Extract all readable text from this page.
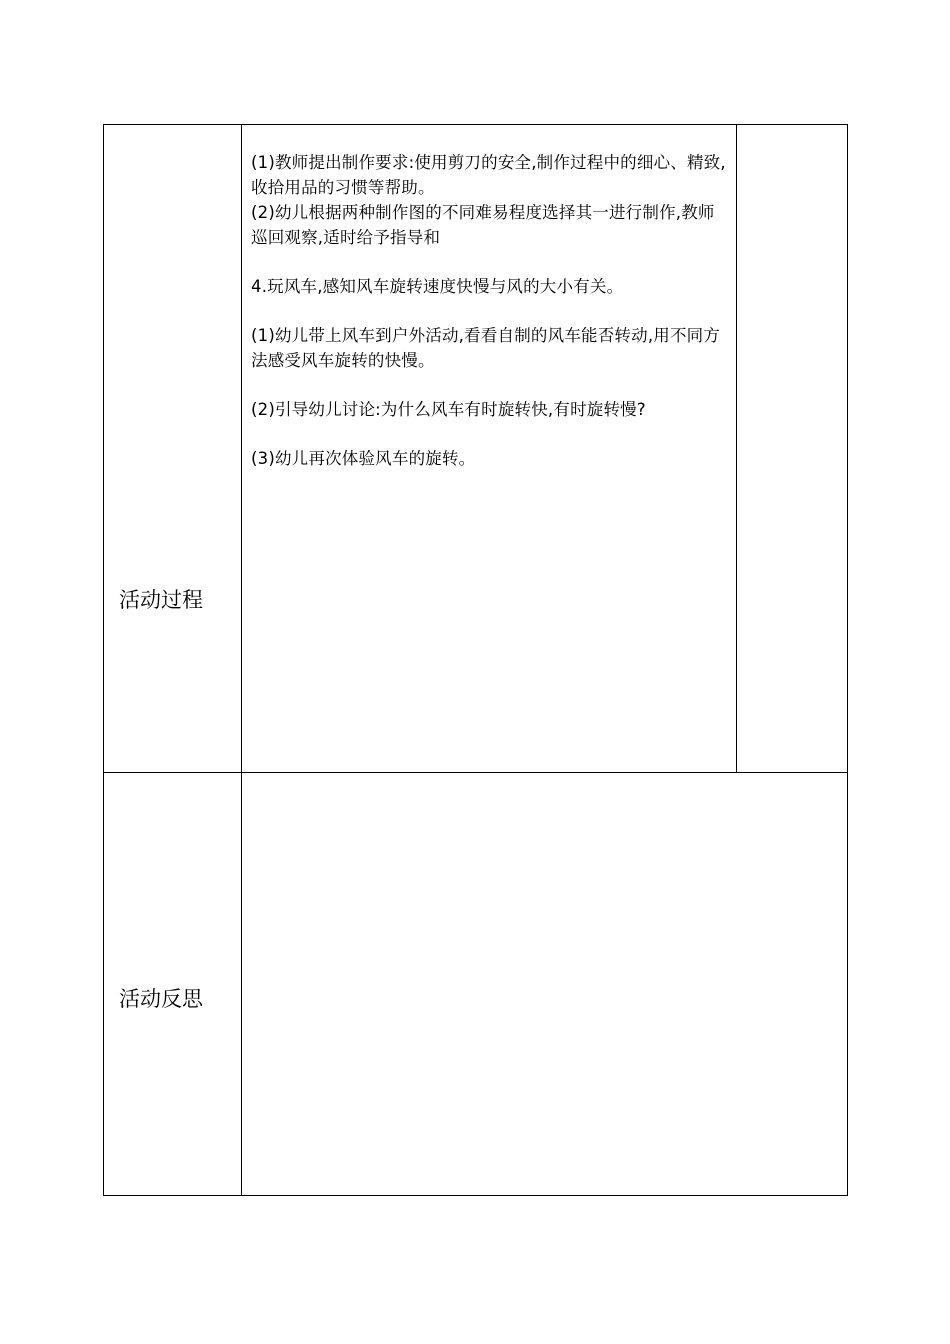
活动过程

(1)教师提出制作要求:使用剪刀的安全,制作过程中的细心、精致,收拾用品的习惯等帮助。

(2)幼儿根据两种制作图的不同难易程度选择其一进行制作,教师巡回观察,适时给予指导和

4.玩风车,感知风车旋转速度快慢与风的大小有关。

(1)幼儿带上风车到户外活动,看看自制的风车能否转动,用不同方法感受风车旋转的快慢。

(2)引导幼儿讨论:为什么风车有时旋转快,有时旋转慢?

(3)幼儿再次体验风车的旋转。

活动反思
